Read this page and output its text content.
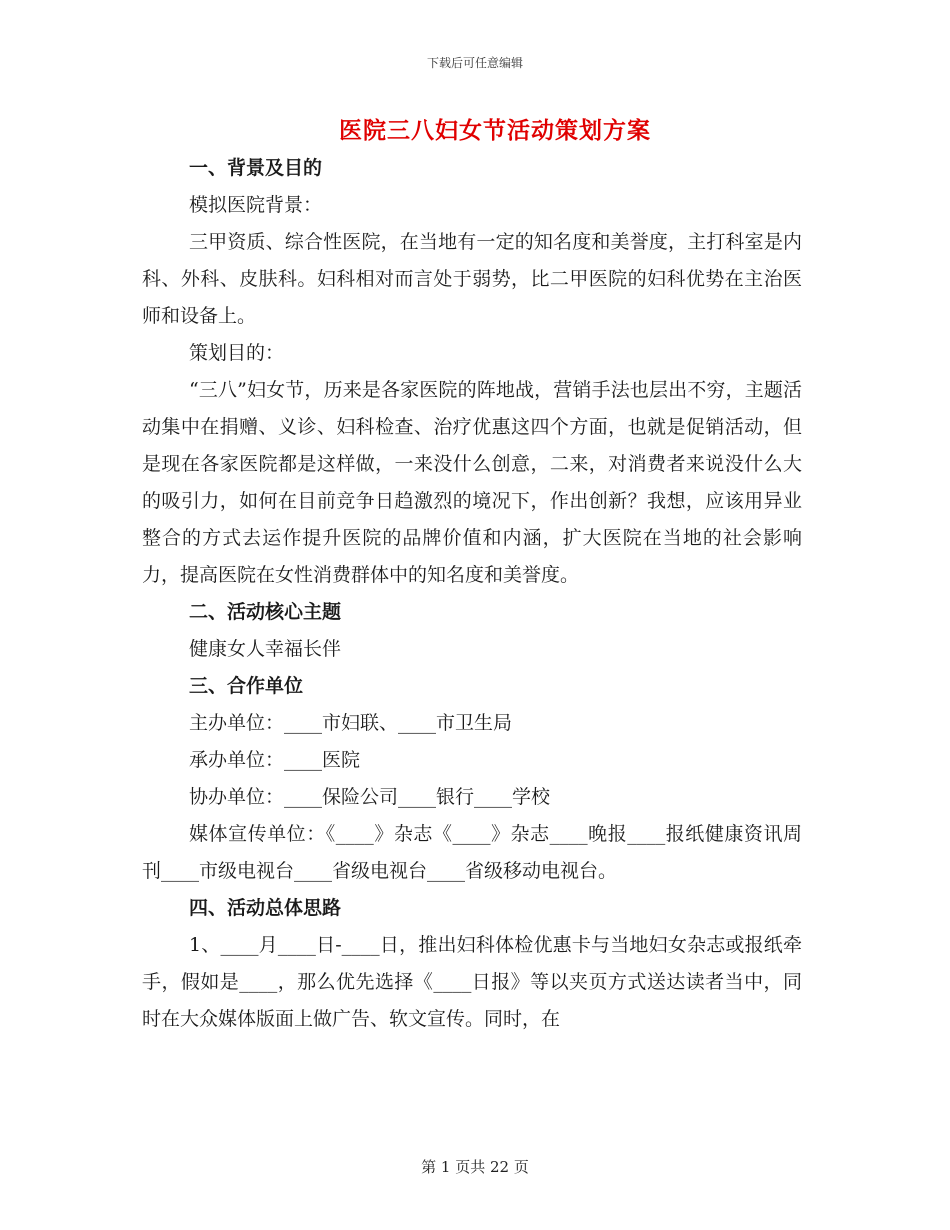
下载后可任意编辑
医院三八妇女节活动策划方案

一、背景及目的

模拟医院背景：

三甲资质、综合性医院，在当地有一定的知名度和美誉度，主打科室是内科、外科、皮肤科。妇科相对而言处于弱势，比二甲医院的妇科优势在主治医师和设备上。

策划目的：

“三八”妇女节，历来是各家医院的阵地战，营销手法也层出不穷，主题活动集中在捐赠、义诊、妇科检查、治疗优惠这四个方面，也就是促销活动，但是现在各家医院都是这样做，一来没什么创意，二来，对消费者来说没什么大的吸引力，如何在目前竞争日趋激烈的境况下，作出创新？我想，应该用异业整合的方式去运作提升医院的品牌价值和内涵，扩大医院在当地的社会影响力，提高医院在女性消费群体中的知名度和美誉度。

二、活动核心主题

健康女人幸福长伴

三、合作单位

主办单位：____市妇联、____市卫生局

承办单位：____医院

协办单位：____保险公司____银行____学校

媒体宣传单位：《____》杂志《____》杂志____晚报____报纸健康资讯周刊____市级电视台____省级电视台____省级移动电视台。

四、活动总体思路

1、____月____日-____日，推出妇科体检优惠卡与当地妇女杂志或报纸牵手，假如是____，那么优先选择《____日报》等以夹页方式送达读者当中，同时在大众媒体版面上做广告、软文宣传。同时，在

第 1 页共 22 页
